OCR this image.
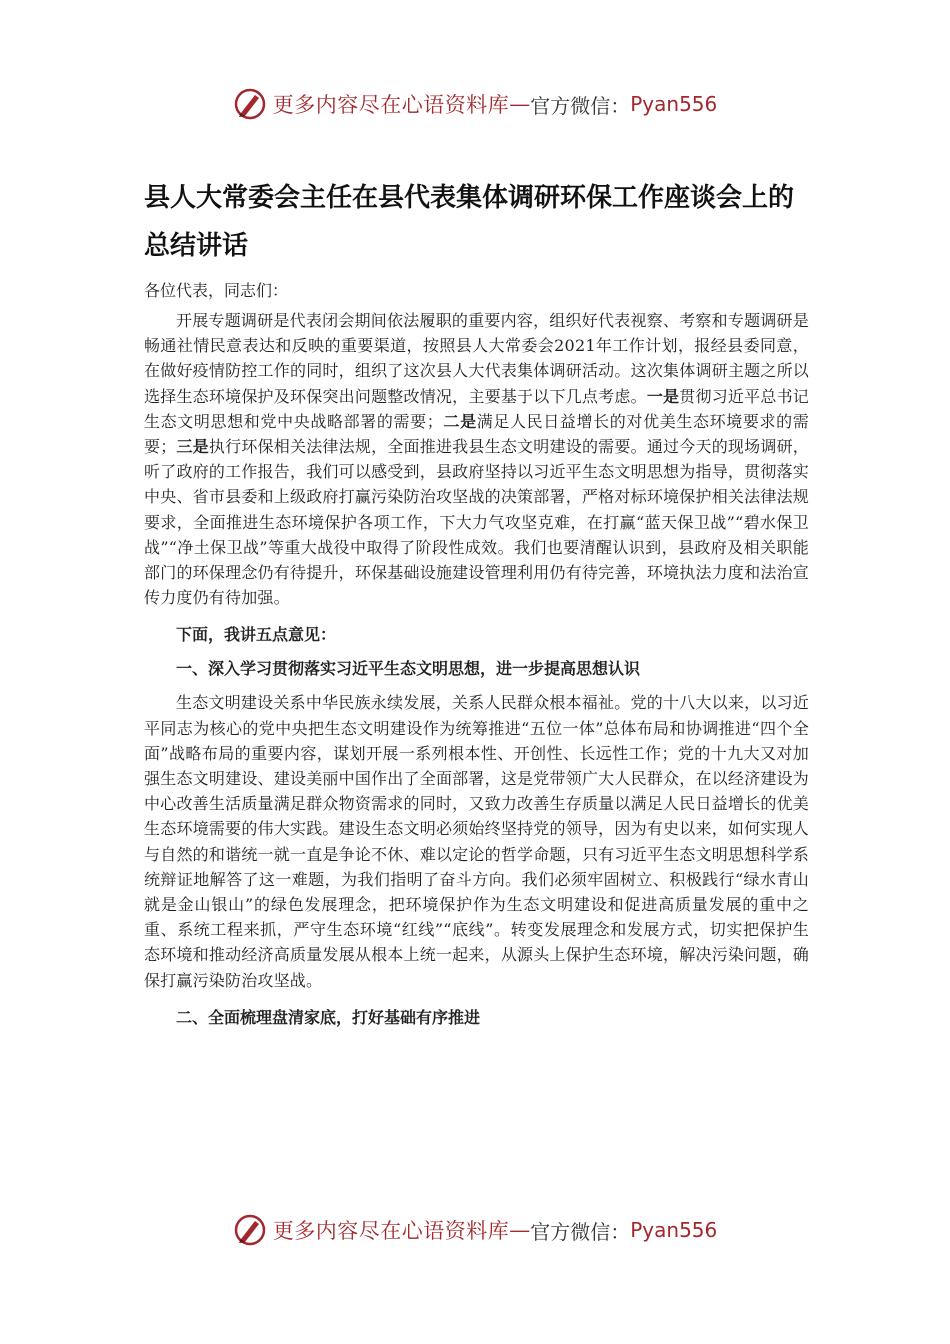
更多内容尽在心语资料库 — 官方微信： Pyan556
县人大常委会主任在县代表集体调研环保工作座谈会上的总结讲话
各位代表，同志们：

开展专题调研是代表闭会期间依法履职的重要内容，组织好代表视察、考察和专题调研是畅通社情民意表达和反映的重要渠道，按照县人大常委会2021年工作计划，报经县委同意，在做好疫情防控工作的同时，组织了这次县人大代表集体调研活动。这次集体调研主题之所以选择生态环境保护及环保突出问题整改情况，主要基于以下几点考虑。一是贯彻习近平总书记生态文明思想和党中央战略部署的需要；二是满足人民日益增长的对优美生态环境要求的需要；三是执行环保相关法律法规，全面推进我县生态文明建设的需要。通过今天的现场调研，听了政府的工作报告，我们可以感受到，县政府坚持以习近平生态文明思想为指导，贯彻落实中央、省市县委和上级政府打赢污染防治攻坚战的决策部署，严格对标环境保护相关法律法规要求，全面推进生态环境保护各项工作，下大力气攻坚克难，在打赢“蓝天保卫战”“碧水保卫战”“净土保卫战”等重大战役中取得了阶段性成效。我们也要清醒认识到，县政府及相关职能部门的环保理念仍有待提升，环保基础设施建设管理利用仍有待完善，环境执法力度和法治宣传力度仍有待加强。

下面，我讲五点意见：
一、深入学习贯彻落实习近平生态文明思想，进一步提高思想认识

生态文明建设关系中华民族永续发展，关系人民群众根本福祉。党的十八大以来，以习近平同志为核心的党中央把生态文明建设作为统筹推进“五位一体”总体布局和协调推进“四个全面”战略布局的重要内容，谋划开展一系列根本性、开创性、长远性工作；党的十九大又对加强生态文明建设、建设美丽中国作出了全面部署，这是党带领广大人民群众，在以经济建设为中心改善生活质量满足群众物资需求的同时，又致力改善生存质量以满足人民日益增长的优美生态环境需要的伟大实践。建设生态文明必须始终坚持党的领导，因为有史以来，如何实现人与自然的和谐统一就一直是争论不休、难以定论的哲学命题，只有习近平生态文明思想科学系统辩证地解答了这一难题，为我们指明了奋斗方向。我们必须牢固树立、积极践行“绿水青山就是金山银山”的绿色发展理念，把环境保护作为生态文明建设和促进高质量发展的重中之重、系统工程来抓，严守生态环境“红线”“底线”。转变发展理念和发展方式，切实把保护生态环境和推动经济高质量发展从根本上统一起来，从源头上保护生态环境，解决污染问题，确保打赢污染防治攻坚战。

二、全面梳理盘清家底，打好基础有序推进
更多内容尽在心语资料库 — 官方微信： Pyan556
